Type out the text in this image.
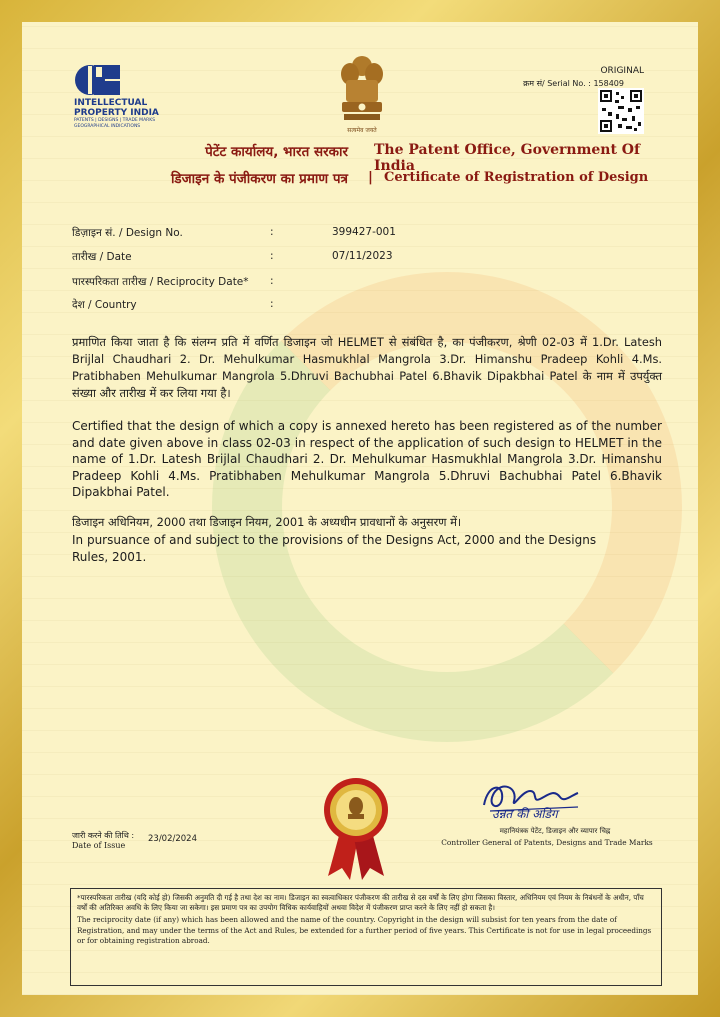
INTELLECTUAL
PROPERTY INDIA
PATENTS | DESIGNS | TRADE MARKS
GEOGRAPHICAL INDICATIONS
सत्यमेव जयते
ORIGINAL
क्रम सं/ Serial No. : 158409
पेटेंट कार्यालय, भारत सरकार The Patent Office, Government Of India
डिजाइन के पंजीकरण का प्रमाण पत्र | Certificate of Registration of Design
डिज़ाइन सं. / Design No.	:	399427-001
तारीख / Date	:	07/11/2023
पारस्परिकता तारीख / Reciprocity Date*	:
देश / Country	:
प्रमाणित किया जाता है कि संलग्न प्रति में वर्णित डिजाइन जो HELMET से संबंधित है, का पंजीकरण, श्रेणी 02-03 में 1.Dr. Latesh Brijlal Chaudhari 2. Dr. Mehulkumar Hasmukhlal Mangrola 3.Dr. Himanshu Pradeep Kohli 4.Ms. Pratibhaben Mehulkumar Mangrola 5.Dhruvi Bachubhai Patel 6.Bhavik Dipakbhai Patel के नाम में उपर्युक्त संख्या और तारीख में कर लिया गया है।
Certified that the design of which a copy is annexed hereto has been registered as of the number and date given above in class 02-03 in respect of the application of such design to HELMET in the name of 1.Dr. Latesh Brijlal Chaudhari 2. Dr. Mehulkumar Hasmukhlal Mangrola 3.Dr. Himanshu Pradeep Kohli 4.Ms. Pratibhaben Mehulkumar Mangrola 5.Dhruvi Bachubhai Patel 6.Bhavik Dipakbhai Patel.
डिजाइन अधिनियम, 2000 तथा डिजाइन नियम, 2001 के अध्यधीन प्रावधानों के अनुसरण में।
In pursuance of and subject to the provisions of the Designs Act, 2000 and the Designs Rules, 2001.
उन्नत की अडिग
महानियंत्रक पेटेंट, डिजाइन और व्यापार चिह्न
Controller General of Patents, Designs and Trade Marks
जारी करने की तिथि :
Date of Issue
23/02/2024

*पारस्परिकता तारीख (यदि कोई हो) जिसकी अनुमति दी गई है तथा देश का नाम। डिजाइन का स्वत्वाधिकार पंजीकरण की तारीख से दस वर्षों के लिए होगा जिसका विस्तार, अधिनियम एवं नियम के निबंधनों के अधीन, पाँच वर्षों की अतिरिक्त अवधि के लिए किया जा सकेगा। इस प्रमाण पत्र का उपयोग विधिक कार्यवाहियों अथवा विदेश में पंजीकरण प्राप्त करने के लिए नहीं हो सकता है।

The reciprocity date (if any) which has been allowed and the name of the country. Copyright in the design will subsist for ten years from the date of Registration, and may under the terms of the Act and Rules, be extended for a further period of five years. This Certificate is not for use in legal proceedings or for obtaining registration abroad.
